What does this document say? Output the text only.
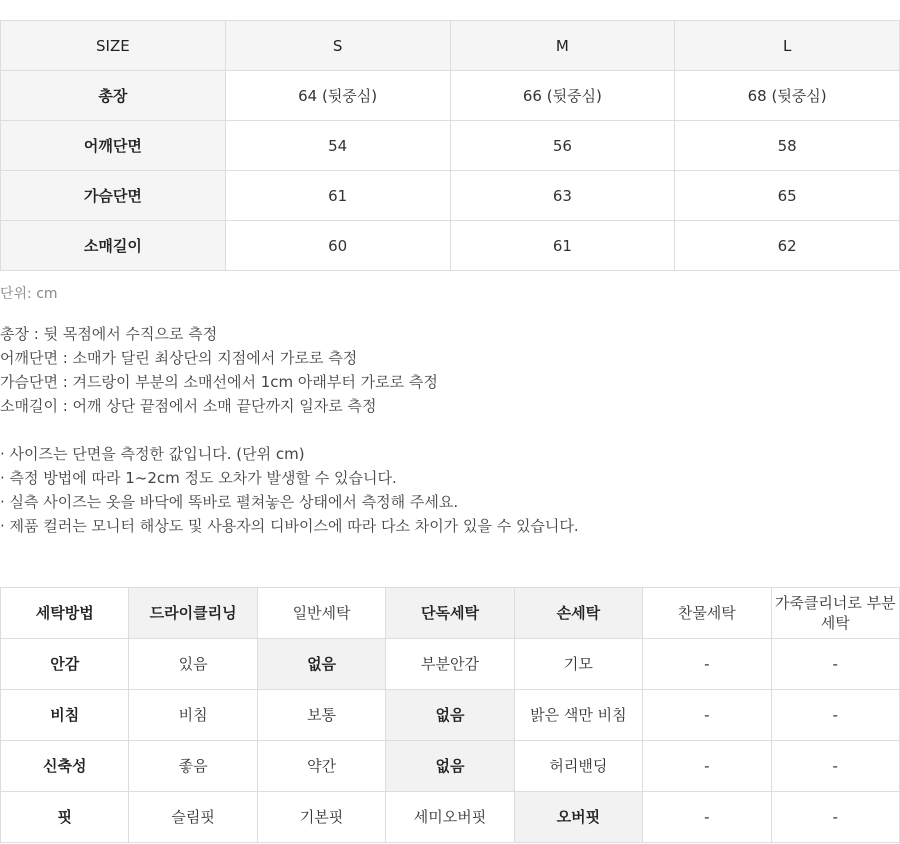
SIZE	S	M	L
총장	64 (뒷중심)	66 (뒷중심)	68 (뒷중심)
어깨단면	54	56	58
가슴단면	61	63	65
소매길이	60	61	62
단위: cm
총장 : 뒷 목점에서 수직으로 측정
어깨단면 : 소매가 달린 최상단의 지점에서 가로로 측정
가슴단면 : 겨드랑이 부분의 소매선에서 1cm 아래부터 가로로 측정
소매길이 : 어깨 상단 끝점에서 소매 끝단까지 일자로 측정
· 사이즈는 단면을 측정한 값입니다. (단위 cm)
· 측정 방법에 따라 1~2cm 정도 오차가 발생할 수 있습니다.
· 실측 사이즈는 옷을 바닥에 똑바로 펼쳐놓은 상태에서 측정해 주세요.
· 제품 컬러는 모니터 해상도 및 사용자의 디바이스에 따라 다소 차이가 있을 수 있습니다.
세탁방법	드라이클리닝	일반세탁	단독세탁	손세탁	찬물세탁	가죽클리너로 부분세탁
안감	있음	없음	부분안감	기모	-	-
비침	비침	보통	없음	밝은 색만 비침	-	-
신축성	좋음	약간	없음	허리밴딩	-	-
핏	슬림핏	기본핏	세미오버핏	오버핏	-	-
